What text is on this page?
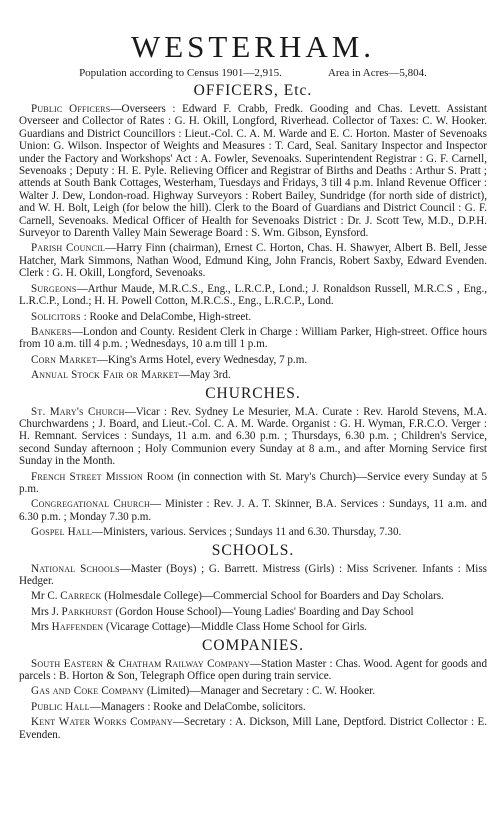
WESTERHAM.
Population according to Census 1901—2,915.	Area in Acres—5,804.
OFFICERS, Etc.
Public Officers—Overseers : Edward F. Crabb, Fredk. Gooding and Chas. Levett. Assistant Overseer and Collector of Rates : G. H. Okill, Longford, Riverhead. Collector of Taxes: C. W. Hooker. Guardians and District Councillors : Lieut.-Col. C. A. M. Warde and E. C. Horton. Master of Sevenoaks Union: G. Wilson. Inspector of Weights and Measures : T. Card, Seal. Sanitary Inspector and Inspector under the Factory and Workshops' Act : A. Fowler, Sevenoaks. Superintendent Registrar : G. F. Carnell, Sevenoaks ; Deputy : H. E. Pyle. Relieving Officer and Registrar of Births and Deaths : Arthur S. Pratt ; attends at South Bank Cottages, Westerham, Tuesdays and Fridays, 3 till 4 p.m. Inland Revenue Officer : Walter J. Dew, London-road. Highway Surveyors : Robert Bailey, Sundridge (for north side of district), and W. H. Bolt, Leigh (for below the hill). Clerk to the Board of Guardians and District Council : G. F. Carnell, Sevenoaks. Medical Officer of Health for Sevenoaks District : Dr. J. Scott Tew, M.D., D.P.H. Surveyor to Darenth Valley Main Sewerage Board : S. Wm. Gibson, Eynsford.
Parish Council—Harry Finn (chairman), Ernest C. Horton, Chas. H. Shawyer, Albert B. Bell, Jesse Hatcher, Mark Simmons, Nathan Wood, Edmund King, John Francis, Robert Saxby, Edward Evenden. Clerk : G. H. Okill, Longford, Sevenoaks.
Surgeons—Arthur Maude, M.R.C.S., Eng., L.R.C.P., Lond.; J. Ronaldson Russell, M.R.C.S , Eng., L.R.C.P., Lond.; H. H. Powell Cotton, M.R.C.S., Eng., L.R.C.P., Lond.
Solicitors : Rooke and DelaCombe, High-street.
Bankers—London and County. Resident Clerk in Charge : William Parker, High-street. Office hours from 10 a.m. till 4 p.m. ; Wednesdays, 10 a.m till 1 p.m.
Corn Market—King's Arms Hotel, every Wednesday, 7 p.m.
Annual Stock Fair or Market—May 3rd.
CHURCHES.
St. Mary's Church—Vicar : Rev. Sydney Le Mesurier, M.A. Curate : Rev. Harold Stevens, M.A. Churchwardens ; J. Board, and Lieut.-Col. C. A. M. Warde. Organist : G. H. Wyman, F.R.C.O. Verger : H. Remnant. Services : Sundays, 11 a.m. and 6.30 p.m. ; Thursdays, 6.30 p.m. ; Children's Service, second Sunday afternoon ; Holy Communion every Sunday at 8 a.m., and after Morning Service first Sunday in the Month.
French Street Mission Room (in connection with St. Mary's Church)—Service every Sunday at 5 p.m.
Congregational Church— Minister : Rev. J. A. T. Skinner, B.A. Services : Sundays, 11 a.m. and 6.30 p.m. ; Monday 7.30 p.m.
Gospel Hall—Ministers, various. Services ; Sundays 11 and 6.30. Thursday, 7.30.
SCHOOLS.
National Schools—Master (Boys) ; G. Barrett. Mistress (Girls) : Miss Scrivener. Infants : Miss Hedger.
Mr C. Carreck (Holmesdale College)—Commercial School for Boarders and Day Scholars.
Mrs J. Parkhurst (Gordon House School)—Young Ladies' Boarding and Day School
Mrs Haffenden (Vicarage Cottage)—Middle Class Home School for Girls.
COMPANIES.
South Eastern & Chatham Railway Company—Station Master : Chas. Wood. Agent for goods and parcels : B. Horton & Son, Telegraph Office open during train service.
Gas and Coke Company (Limited)—Manager and Secretary : C. W. Hooker.
Public Hall—Managers : Rooke and DelaCombe, solicitors.
Kent Water Works Company—Secretary : A. Dickson, Mill Lane, Deptford. District Collector : E. Evenden.
